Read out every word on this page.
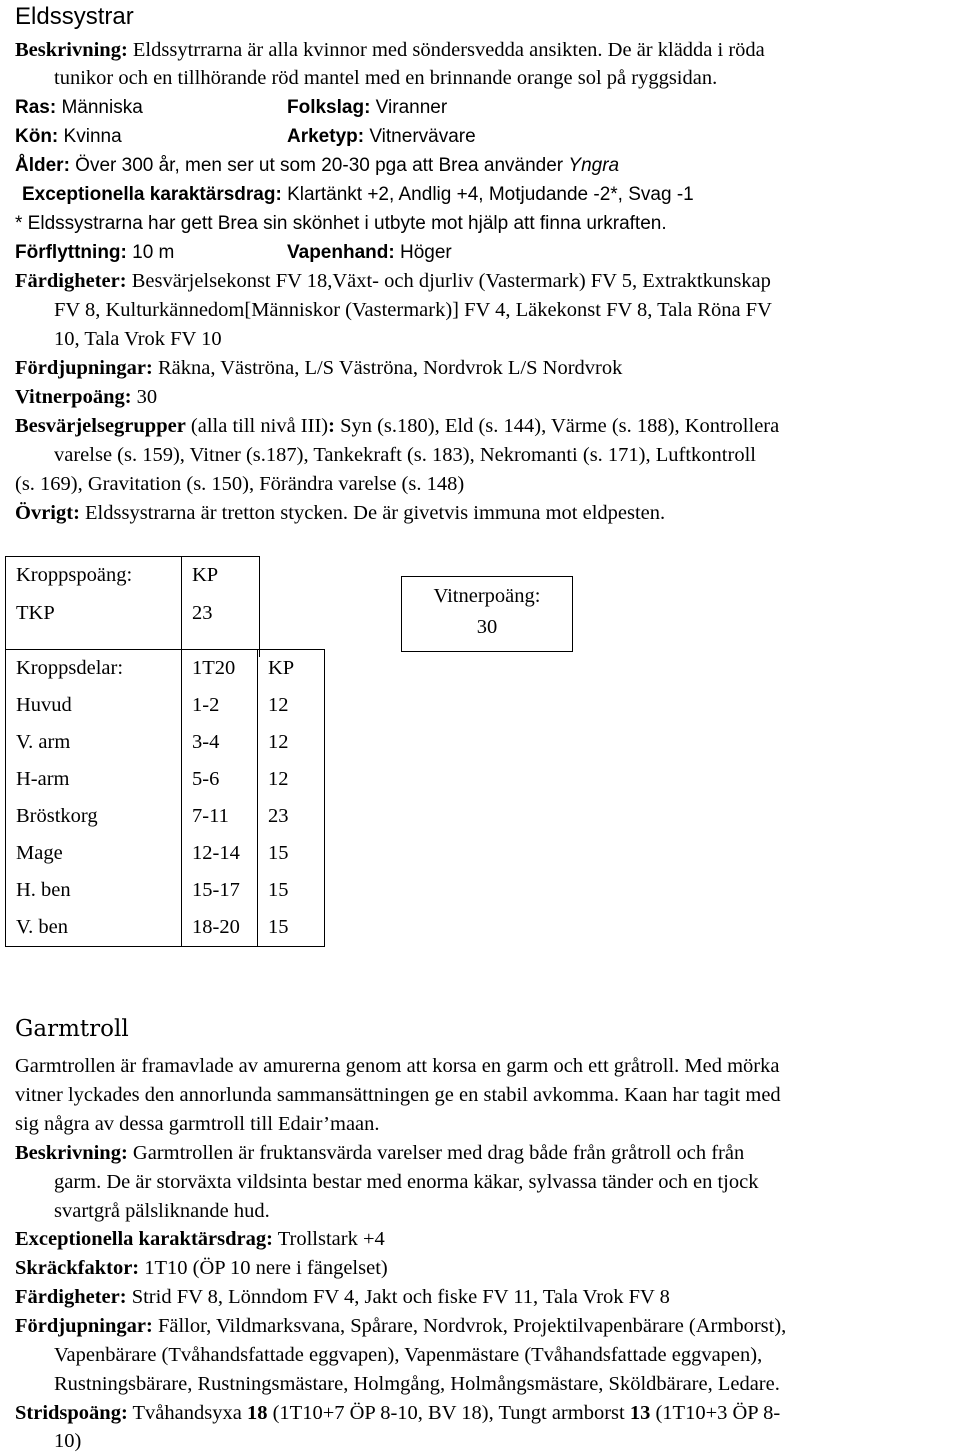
Eldssystrar
Beskrivning: Eldssytrrarna är alla kvinnor med söndersvedda ansikten. De är klädda i röda
tunikor och en tillhörande röd mantel med en brinnande orange sol på ryggsidan.
Ras: Människa	Folkslag: Viranner
Kön: Kvinna	Arketyp: Vitnervävare
Ålder: Över 300 år, men ser ut som 20-30 pga att Brea använder Yngra
Exceptionella karaktärsdrag: Klartänkt +2, Andlig +4, Motjudande -2*, Svag -1
* Eldssystrarna har gett Brea sin skönhet i utbyte mot hjälp att finna urkraften.
Förflyttning: 10 m	Vapenhand: Höger
Färdigheter: Besvärjelsekonst FV 18,Växt- och djurliv (Vastermark) FV 5, Extraktkunskap
FV 8, Kulturkännedom[Människor (Vastermark)] FV 4, Läkekonst FV 8, Tala Röna FV
10, Tala Vrok FV 10
Fördjupningar: Räkna, Väströna, L/S Väströna, Nordvrok L/S Nordvrok
Vitnerpoäng: 30
Besvärjelsegrupper (alla till nivå III): Syn (s.180), Eld (s. 144), Värme (s. 188), Kontrollera
varelse (s. 159), Vitner (s.187), Tankekraft (s. 183), Nekromanti (s. 171), Luftkontroll
(s. 169), Gravitation (s. 150), Förändra varelse (s. 148)
Övrigt: Eldssystrarna är tretton stycken. De är givetvis immuna mot eldpesten.
Kroppspoäng:	KP
TKP	23

Kroppsdelar:	1T20	KP
Huvud	1-2	12
V. arm	3-4	12
H-arm	5-6	12
Bröstkorg	7-11	23
Mage	12-14	15
H. ben	15-17	15
V. ben	18-20	15
Vitnerpoäng:
30
Garmtroll
Garmtrollen är framavlade av amurerna genom att korsa en garm och ett gråtroll. Med mörka
vitner lyckades den annorlunda sammansättningen ge en stabil avkomma. Kaan har tagit med
sig några av dessa garmtroll till Edair’maan.
Beskrivning: Garmtrollen är fruktansvärda varelser med drag både från gråtroll och från
garm. De är storväxta vildsinta bestar med enorma käkar, sylvassa tänder och en tjock
svartgrå pälsliknande hud.
Exceptionella karaktärsdrag: Trollstark +4
Skräckfaktor: 1T10 (ÖP 10 nere i fängelset)
Färdigheter: Strid FV 8, Lönndom FV 4, Jakt och fiske FV 11, Tala Vrok FV 8
Fördjupningar: Fällor, Vildmarksvana, Spårare, Nordvrok, Projektilvapenbärare (Armborst),
Vapenbärare (Tvåhandsfattade eggvapen), Vapenmästare (Tvåhandsfattade eggvapen),
Rustningsbärare, Rustningsmästare, Holmgång, Holmångsmästare, Sköldbärare, Ledare.
Stridspoäng: Tvåhandsyxa 18 (1T10+7 ÖP 8-10, BV 18), Tungt armborst 13 (1T10+3 ÖP 8-
10)
